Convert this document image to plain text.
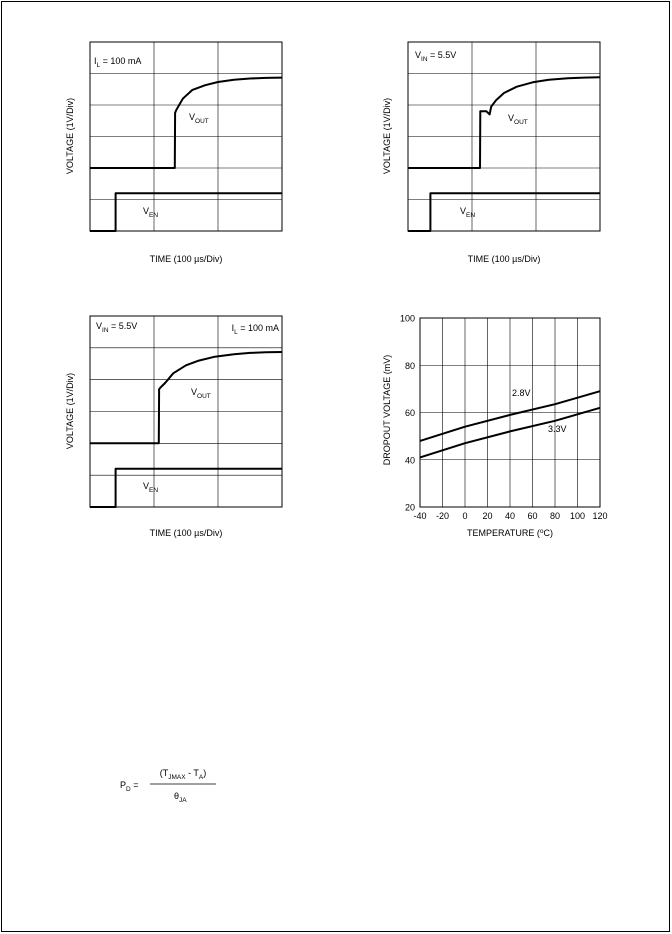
$V_{OUT}$
$V_{EN}$
$I_L = 100$ mA
TIME (100 µs/Div)
VOLTAGE (1V/Div)	$V_{OUT}$
$V_{EN}$
$V_{IN} = 5.5V$
TIME (100 µs/Div)
VOLTAGE (1V/Div)
$V_{OUT}$
$V_{EN}$
$V_{IN} = 5.5V$	$I_L = 100$ mA
TIME (100 µs/Div)
VOLTAGE (1V/Div)
-40 -20 0 20 40 60 80 100 120
20
40
60
80
100
2.8V
3.3V
TEMPERATURE ($^o$C)
DROPOUT VOLTAGE (mV)
$P_D$ =
$(T_{JMAX} - T_A)$
$\theta_{JA}$
